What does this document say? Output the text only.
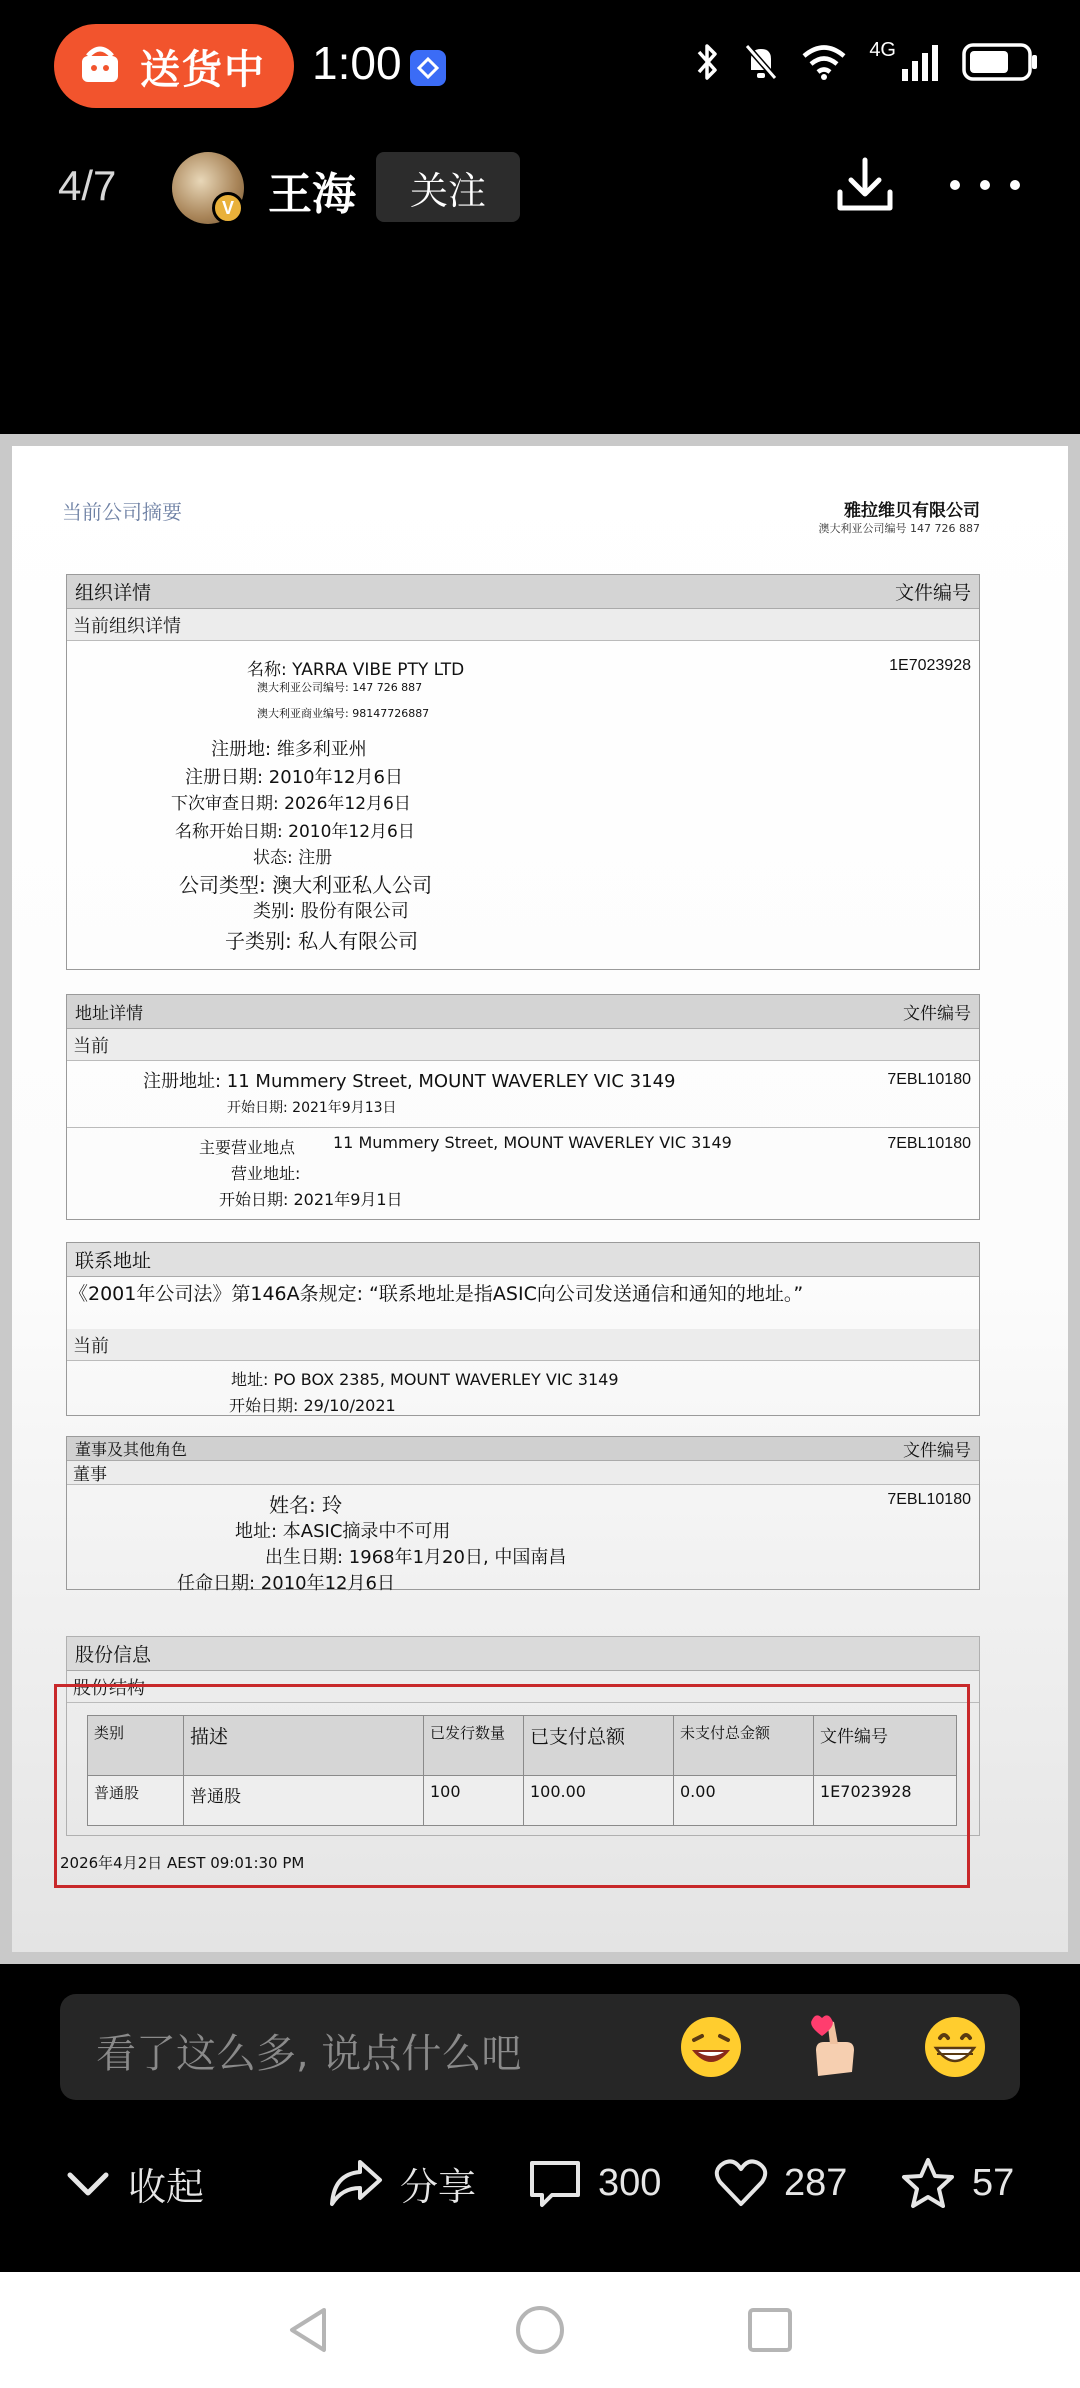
送货中 1:00	4G
4/7	V 王海	关注
当前公司摘要	雅拉维贝有限公司
澳大利亚公司编号 147 726 887
组织详情	文件编号
当前组织详情
名称: YARRA VIBE PTY LTD
澳大利亚公司编号: 147 726 887
澳大利亚商业编号: 98147726887
1E7023928
注册地: 维多利亚州
注册日期: 2010年12月6日
下次审查日期: 2026年12月6日
名称开始日期: 2010年12月6日
状态: 注册
公司类型: 澳大利亚私人公司
类别: 股份有限公司
子类别: 私人有限公司
地址详情	文件编号
当前
注册地址: 11 Mummery Street, MOUNT WAVERLEY VIC 3149
开始日期: 2021年9月13日
7EBL10180
主要营业地点 11 Mummery Street, MOUNT WAVERLEY VIC 3149
营业地址:
开始日期: 2021年9月1日
7EBL10180
联系地址
《2001年公司法》第146A条规定: “联系地址是指ASIC向公司发送通信和通知的地址。”
当前
地址: PO BOX 2385, MOUNT WAVERLEY VIC 3149
开始日期: 29/10/2021
董事及其他角色	文件编号
董事
姓名: 玲
地址: 本ASIC摘录中不可用
出生日期: 1968年1月20日, 中国南昌
任命日期: 2010年12月6日
7EBL10180
股份信息
股份结构
类别	描述	已发行数量	已支付总额	未支付总金额	文件编号
普通股	普通股	100	100.00	0.00	1E7023928
2026年4月2日 AEST 09:01:30 PM
看了这么多, 说点什么吧
收起	分享	300	287	57
